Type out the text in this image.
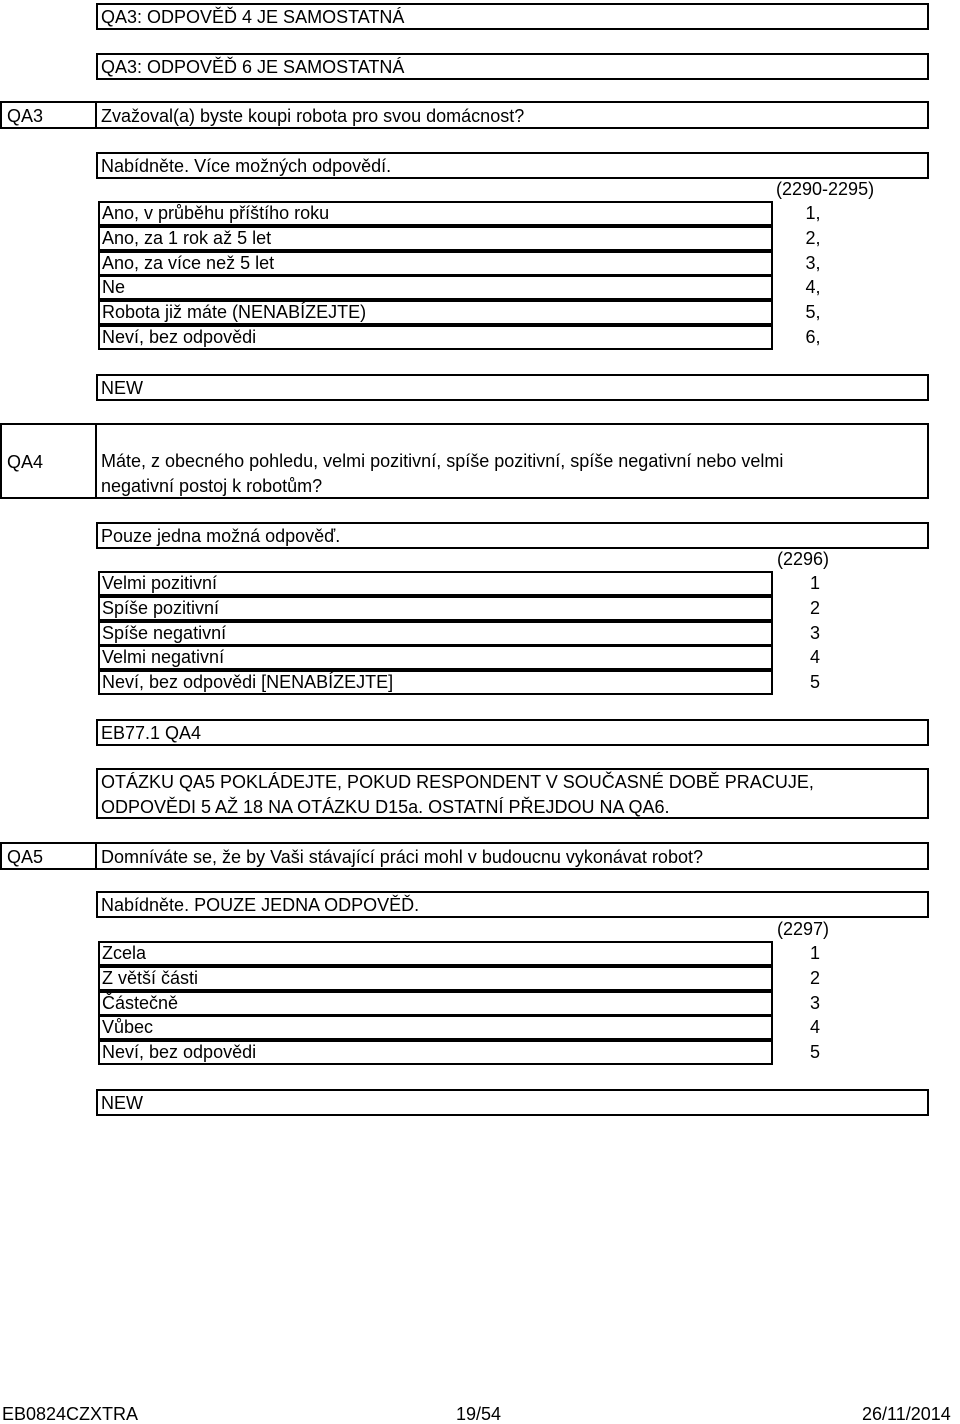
QA3: ODPOVĚĎ 4 JE SAMOSTATNÁ
QA3: ODPOVĚĎ 6 JE SAMOSTATNÁ
QA3	Zvažoval(a) byste koupi robota pro svou domácnost?
Nabídněte. Více možných odpovědí.
(2290-2295)
Ano, v průběhu příštího roku	1,
Ano, za 1 rok až 5 let	2,
Ano, za více než 5 let	3,
Ne	4,
Robota již máte (NENABÍZEJTE)	5,
Neví, bez odpovědi	6,
NEW
QA4	Máte, z obecného pohledu, velmi pozitivní, spíše pozitivní, spíše negativní nebo velmi
negativní postoj k robotům?
Pouze jedna možná odpověď.
(2296)
Velmi pozitivní	1
Spíše pozitivní	2
Spíše negativní	3
Velmi negativní	4
Neví, bez odpovědi [NENABÍZEJTE]	5
EB77.1 QA4
OTÁZKU QA5 POKLÁDEJTE, POKUD RESPONDENT V SOUČASNÉ DOBĚ PRACUJE,
ODPOVĚDI 5 AŽ 18 NA OTÁZKU D15a. OSTATNÍ PŘEJDOU NA QA6.
QA5	Domníváte se, že by Vaši stávající práci mohl v budoucnu vykonávat robot?
Nabídněte. POUZE JEDNA ODPOVĚĎ.
(2297)
Zcela	1
Z větší části	2
Částečně	3
Vůbec	4
Neví, bez odpovědi	5
NEW
EB0824CZXTRA	19/54	26/11/2014
